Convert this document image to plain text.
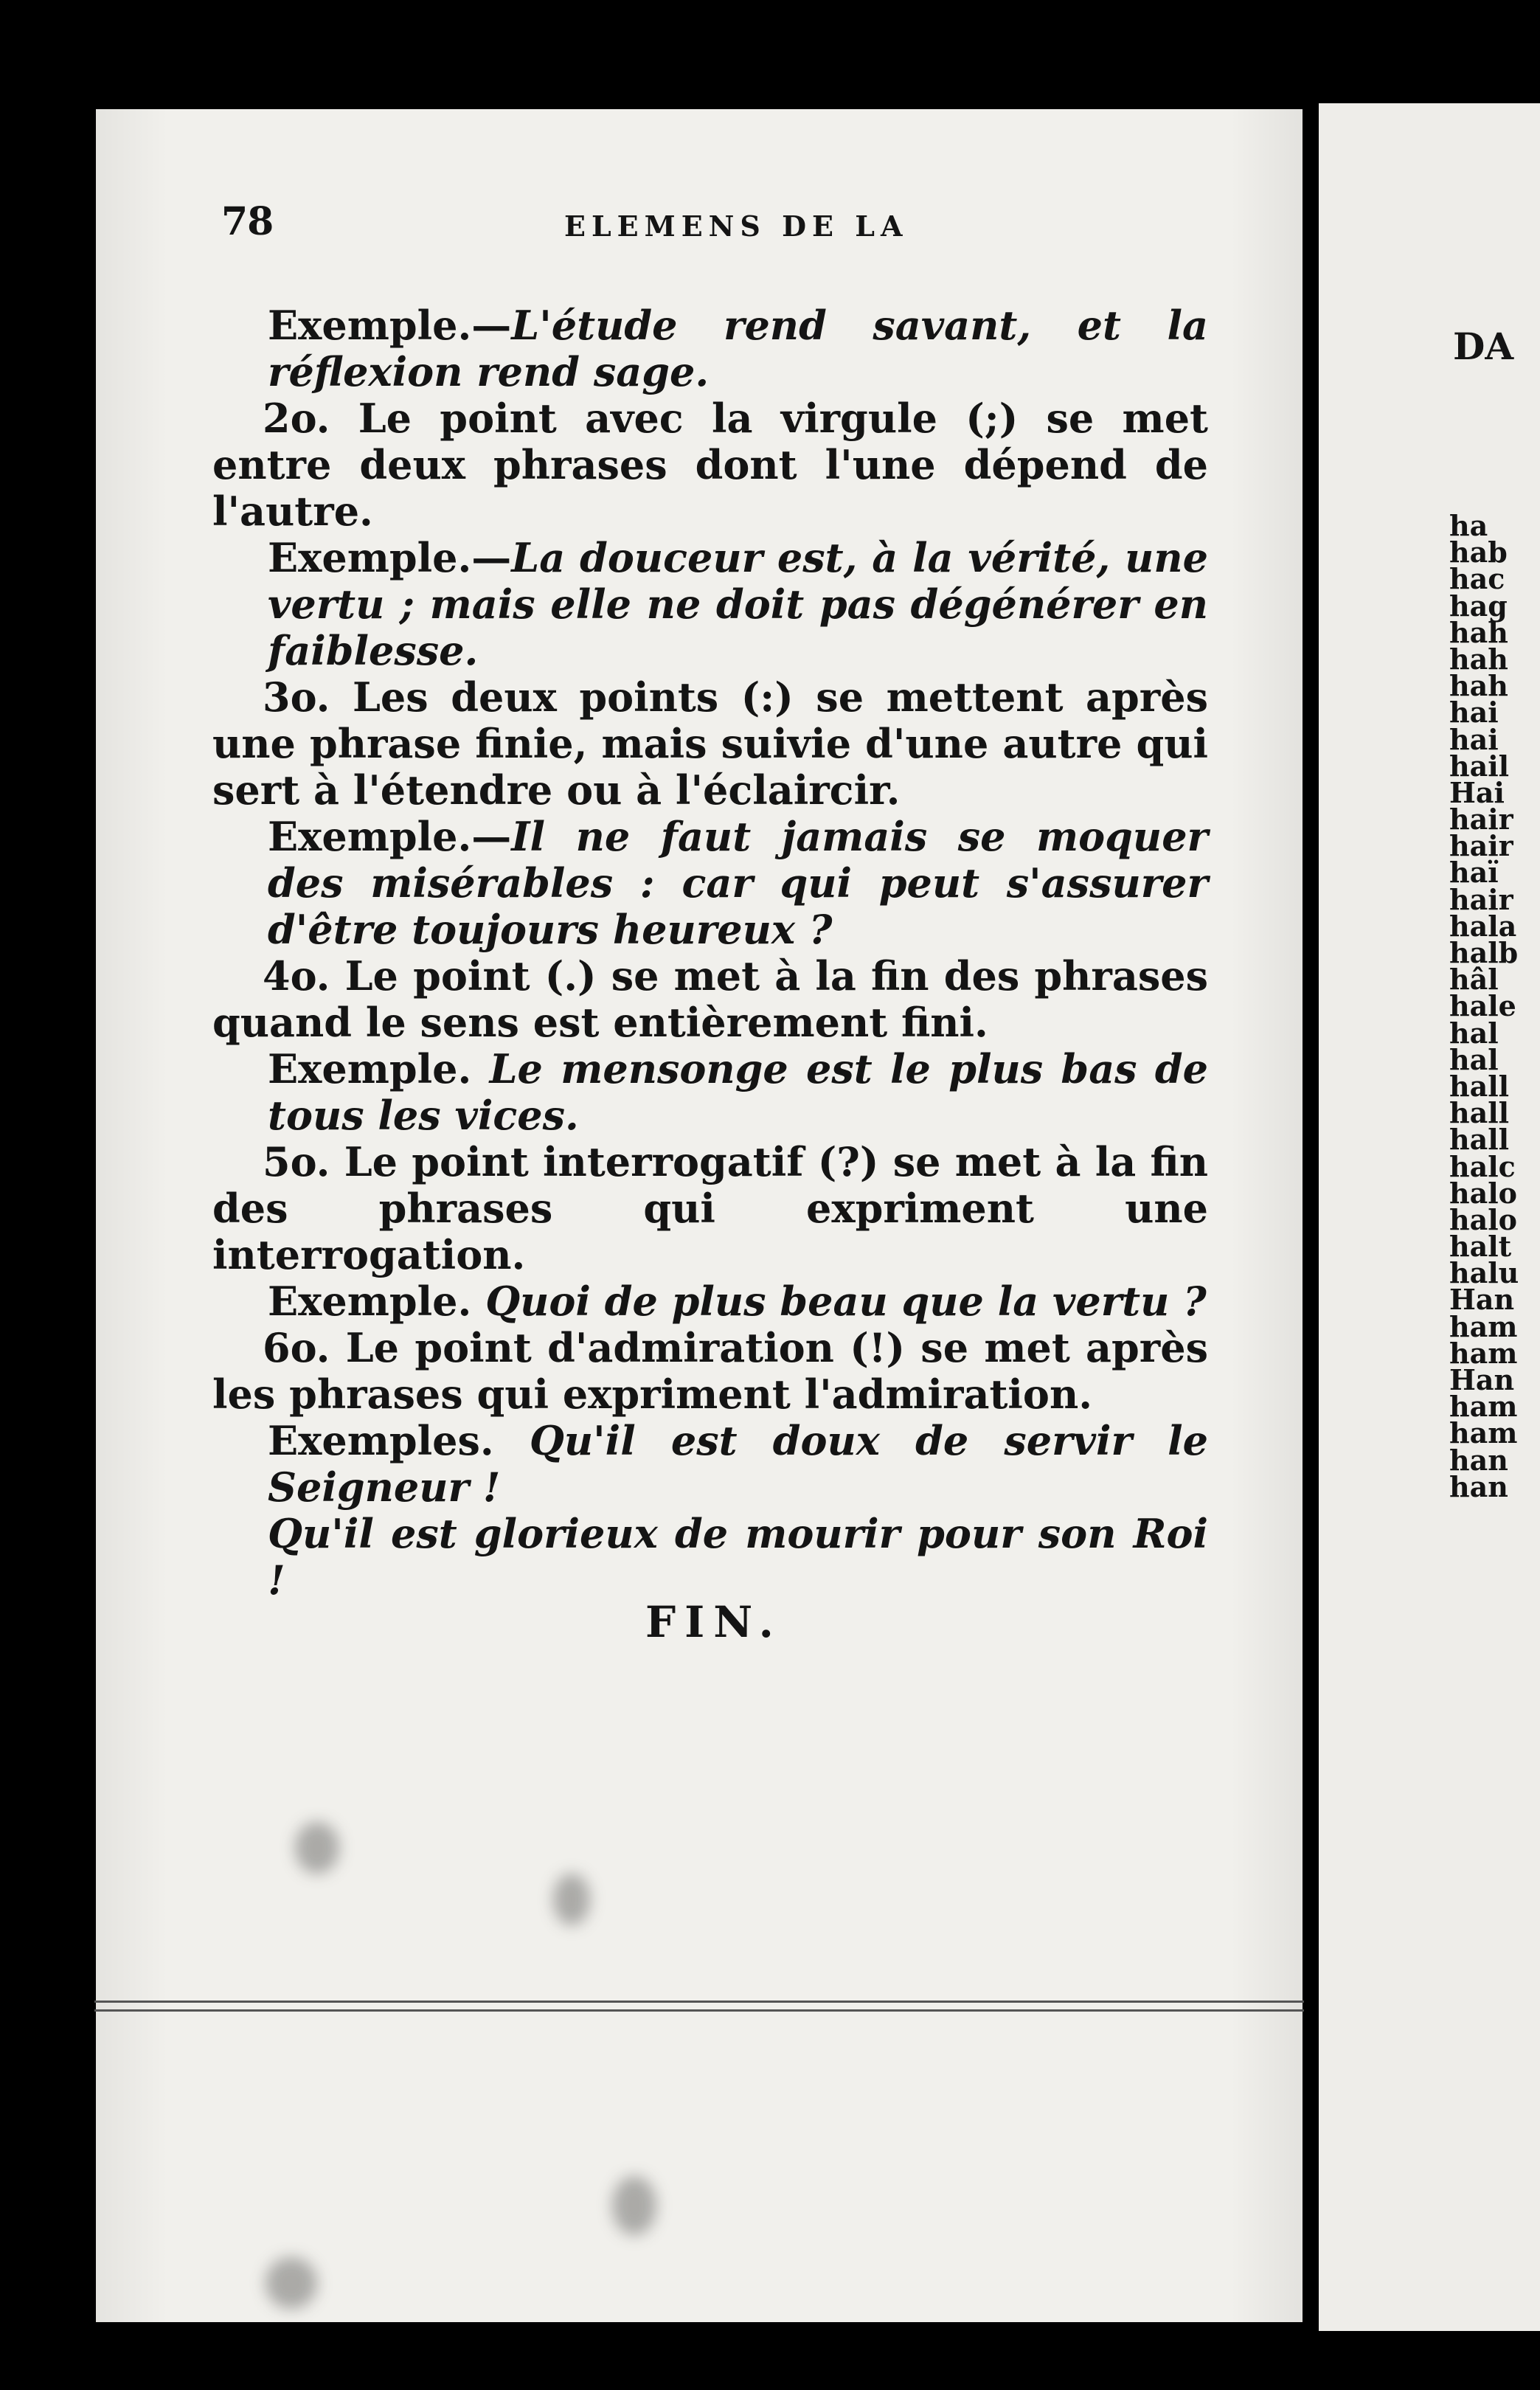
78	ELEMENS DE LA

Exemple.—L'étude rend savant, et la réflexion rend sage.

2o. Le point avec la virgule (;) se met entre deux phrases dont l'une dépend de l'autre.

Exemple.—La douceur est, à la vérité, une vertu ; mais elle ne doit pas dégénérer en faiblesse.

3o. Les deux points (:) se mettent après une phrase finie, mais suivie d'une autre qui sert à l'étendre ou à l'éclaircir.

Exemple.—Il ne faut jamais se moquer des misérables : car qui peut s'assurer d'être toujours heureux ?

4o. Le point (.) se met à la fin des phrases quand le sens est entièrement fini.

Exemple. Le mensonge est le plus bas de tous les vices.

5o. Le point interrogatif (?) se met à la fin des phrases qui expriment une interrogation.

Exemple. Quoi de plus beau que la vertu ?

6o. Le point d'admiration (!) se met après les phrases qui expriment l'admiration.

Exemples. Qu'il est doux de servir le Seigneur !

Qu'il est glorieux de mourir pour son Roi !

FIN.
DA
ha
hab
hac
hag
hah
hah
hah
hai
hai
hail
Hai
hair
hair
haï
hair
hala
halb
hâl
hale
hal
hal
hall
hall
hall
halc
halo
halo
halt
halu
Han
ham
ham
Han
ham
ham
han
han
